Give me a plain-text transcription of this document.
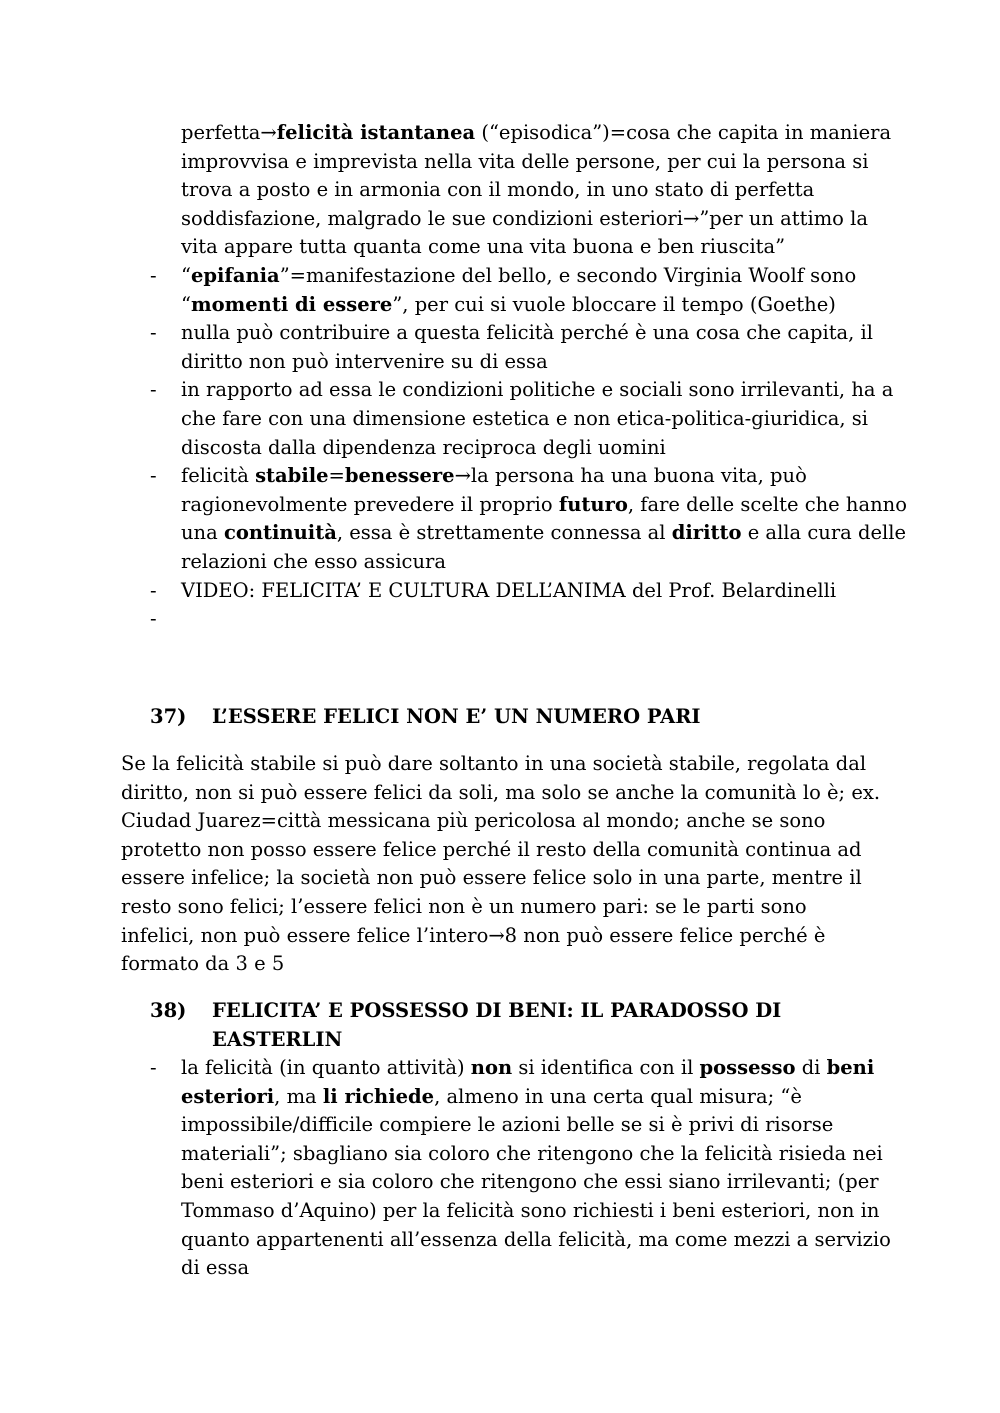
perfetta→felicità istantanea (“episodica”)=cosa che capita in maniera improvvisa e imprevista nella vita delle persone, per cui la persona si trova a posto e in armonia con il mondo, in uno stato di perfetta soddisfazione, malgrado le sue condizioni esteriori→”per un attimo la vita appare tutta quanta come una vita buona e ben riuscita”
- “epifania”=manifestazione del bello, e secondo Virginia Woolf sono “momenti di essere”, per cui si vuole bloccare il tempo (Goethe)
- nulla può contribuire a questa felicità perché è una cosa che capita, il diritto non può intervenire su di essa
- in rapporto ad essa le condizioni politiche e sociali sono irrilevanti, ha a che fare con una dimensione estetica e non etica-politica-giuridica, si discosta dalla dipendenza reciproca degli uomini
- felicità stabile=benessere→la persona ha una buona vita, può ragionevolmente prevedere il proprio futuro, fare delle scelte che hanno una continuità, essa è strettamente connessa al diritto e alla cura delle relazioni che esso assicura
- VIDEO: FELICITA’ E CULTURA DELL’ANIMA del Prof. Belardinelli
-

37)	L’ESSERE FELICI NON E’ UN NUMERO PARI

Se la felicità stabile si può dare soltanto in una società stabile, regolata dal diritto, non si può essere felici da soli, ma solo se anche la comunità lo è; ex. Ciudad Juarez=città messicana più pericolosa al mondo; anche se sono protetto non posso essere felice perché il resto della comunità continua ad essere infelice; la società non può essere felice solo in una parte, mentre il resto sono felici; l’essere felici non è un numero pari: se le parti sono infelici, non può essere felice l’intero→8 non può essere felice perché è formato da 3 e 5

38)	FELICITA’ E POSSESSO DI BENI: IL PARADOSSO DI EASTERLIN
- la felicità (in quanto attività) non si identifica con il possesso di beni esteriori, ma li richiede, almeno in una certa qual misura; “è impossibile/difficile compiere le azioni belle se si è privi di risorse materiali”; sbagliano sia coloro che ritengono che la felicità risieda nei beni esteriori e sia coloro che ritengono che essi siano irrilevanti; (per Tommaso d’Aquino) per la felicità sono richiesti i beni esteriori, non in quanto appartenenti all’essenza della felicità, ma come mezzi a servizio di essa
